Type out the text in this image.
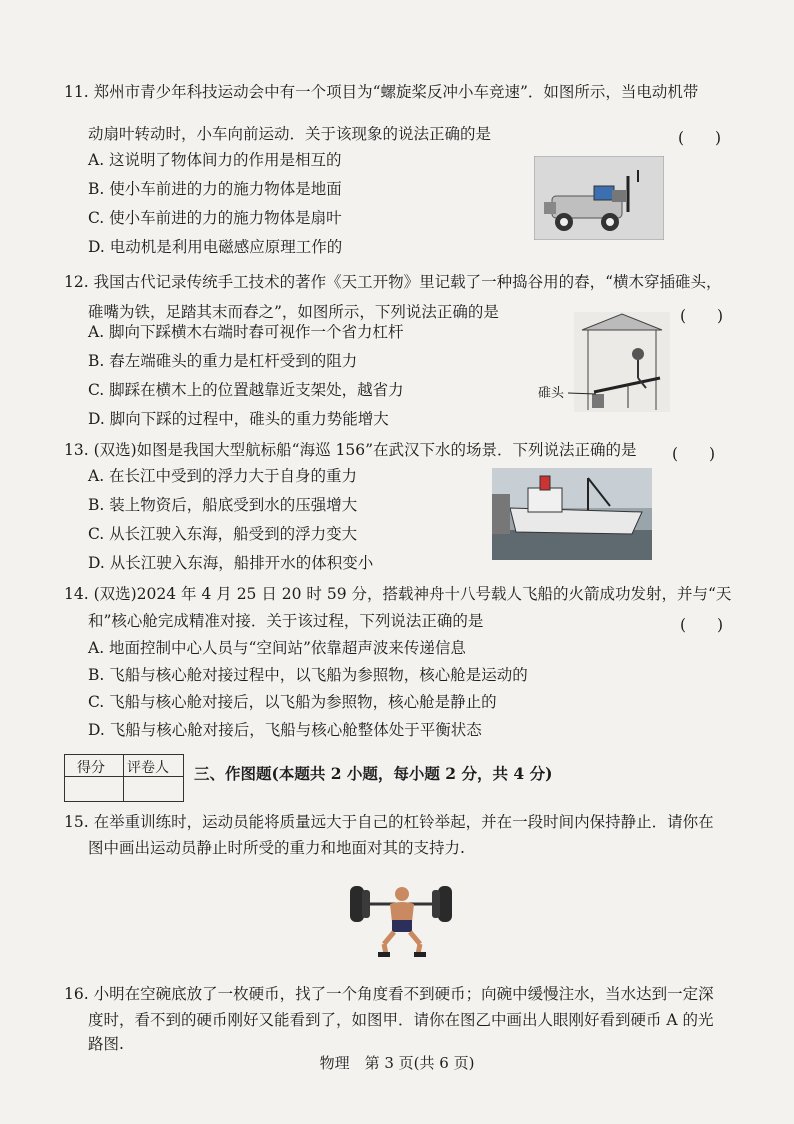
11. 郑州市青少年科技运动会中有一个项目为“螺旋桨反冲小车竞速”．如图所示，当电动机带
动扇叶转动时，小车向前运动．关于该现象的说法正确的是	(　　)
A. 这说明了物体间力的作用是相互的
B. 使小车前进的力的施力物体是地面
C. 使小车前进的力的施力物体是扇叶
D. 电动机是利用电磁感应原理工作的
12. 我国古代记录传统手工技术的著作《天工开物》里记载了一种捣谷用的舂，“横木穿插碓头，
碓嘴为铁，足踏其末而舂之”，如图所示，下列说法正确的是	(　　)
A. 脚向下踩横木右端时舂可视作一个省力杠杆
B. 舂左端碓头的重力是杠杆受到的阻力
C. 脚踩在横木上的位置越靠近支架处，越省力
D. 脚向下踩的过程中，碓头的重力势能增大
碓头
13. (双选)如图是我国大型航标船“海巡 156”在武汉下水的场景．下列说法正确的是 (　　)
A. 在长江中受到的浮力大于自身的重力
B. 装上物资后，船底受到水的压强增大
C. 从长江驶入东海，船受到的浮力变大
D. 从长江驶入东海，船排开水的体积变小
14. (双选)2024 年 4 月 25 日 20 时 59 分，搭载神舟十八号载人飞船的火箭成功发射，并与“天
和”核心舱完成精准对接．关于该过程，下列说法正确的是	(　　)
A. 地面控制中心人员与“空间站”依靠超声波来传递信息
B. 飞船与核心舱对接过程中，以飞船为参照物，核心舱是运动的
C. 飞船与核心舱对接后，以飞船为参照物，核心舱是静止的
D. 飞船与核心舱对接后，飞船与核心舱整体处于平衡状态
得分 评卷人 三、作图题(本题共 2 小题，每小题 2 分，共 4 分)
15. 在举重训练时，运动员能将质量远大于自己的杠铃举起，并在一段时间内保持静止．请你在
图中画出运动员静止时所受的重力和地面对其的支持力.
16. 小明在空碗底放了一枚硬币，找了一个角度看不到硬币；向碗中缓慢注水，当水达到一定深
度时，看不到的硬币刚好又能看到了，如图甲．请你在图乙中画出人眼刚好看到硬币 A 的光
路图.
物理　第 3 页(共 6 页)
